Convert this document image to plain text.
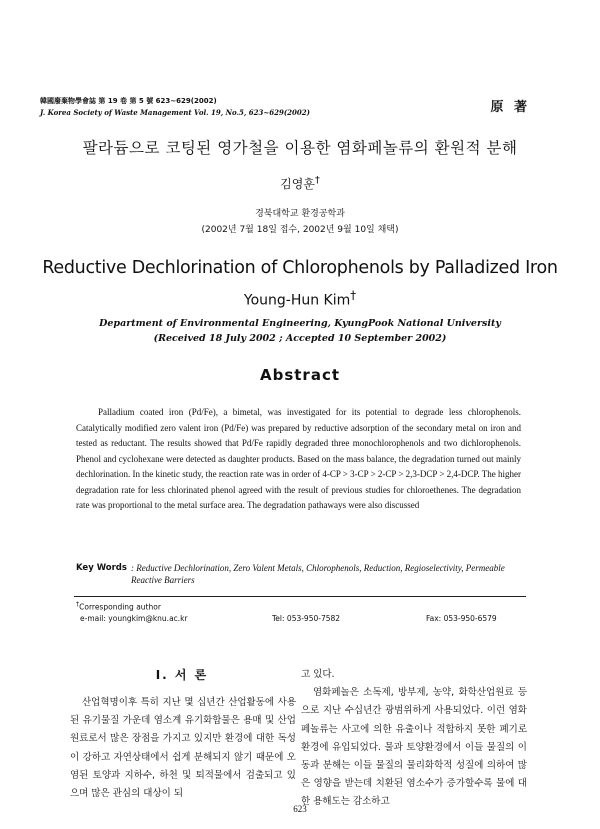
韓國廢棄物學會誌 第 19 卷 第 5 號 623~629(2002)
J. Korea Society of Waste Management Vol. 19, No.5, 623~629(2002)	原 著
팔라듐으로 코팅된 영가철을 이용한 염화페놀류의 환원적 분해
김영훈†
경북대학교 환경공학과
(2002년 7월 18일 접수, 2002년 9월 10일 채택)
Reductive Dechlorination of Chlorophenols by Palladized Iron
Young-Hun Kim†
Department of Environmental Engineering, KyungPook National University
(Received 18 July 2002 ; Accepted 10 September 2002)
Abstract
Palladium coated iron (Pd/Fe), a bimetal, was investigated for its potential to degrade less chlorophenols. Catalytically modified zero valent iron (Pd/Fe) was prepared by reductive adsorption of the secondary metal on iron and tested as reductant. The results showed that Pd/Fe rapidly degraded three monochlorophenols and two dichlorophenols. Phenol and cyclohexane were detected as daughter products. Based on the mass balance, the degradation turned out mainly dechlorination. In the kinetic study, the reaction rate was in order of 4-CP > 3-CP > 2-CP > 2,3-DCP > 2,4-DCP. The higher degradation rate for less chlorinated phenol agreed with the result of previous studies for chloroethenes. The degradation rate was proportional to the metal surface area. The degradation pathaways were also discussed
Key Words : Reductive Dechlorination, Zero Valent Metals, Chlorophenols, Reduction, Regioselectivity, Permeable Reactive Barriers
†Corresponding author
e-mail: youngkim@knu.ac.kr	Tel: 053-950-7582	Fax: 053-950-6579
Ⅰ. 서 론

산업혁명이후 특히 지난 몇 십년간 산업활동에 사용된 유기물질 가운데 염소계 유기화합물은 용매 및 산업원료로서 많은 장점을 가지고 있지만 환경에 대한 독성이 강하고 자연상태에서 쉽게 분해되지 않기 때문에 오염된 토양과 지하수, 하천 및 퇴적물에서 검출되고 있으며 많은 관심의 대상이 되

고 있다.

염화페놀은 소독제, 방부제, 농약, 화학산업원료 등으로 지난 수십년간 광범위하게 사용되었다. 이런 염화페놀류는 사고에 의한 유출이나 적합하지 못한 폐기로 환경에 유입되었다. 물과 토양환경에서 이들 물질의 이동과 분해는 이들 물질의 물리화학적 성질에 의하여 많은 영향을 받는데 치환된 염소수가 증가할수록 물에 대한 용해도는 감소하고

623
